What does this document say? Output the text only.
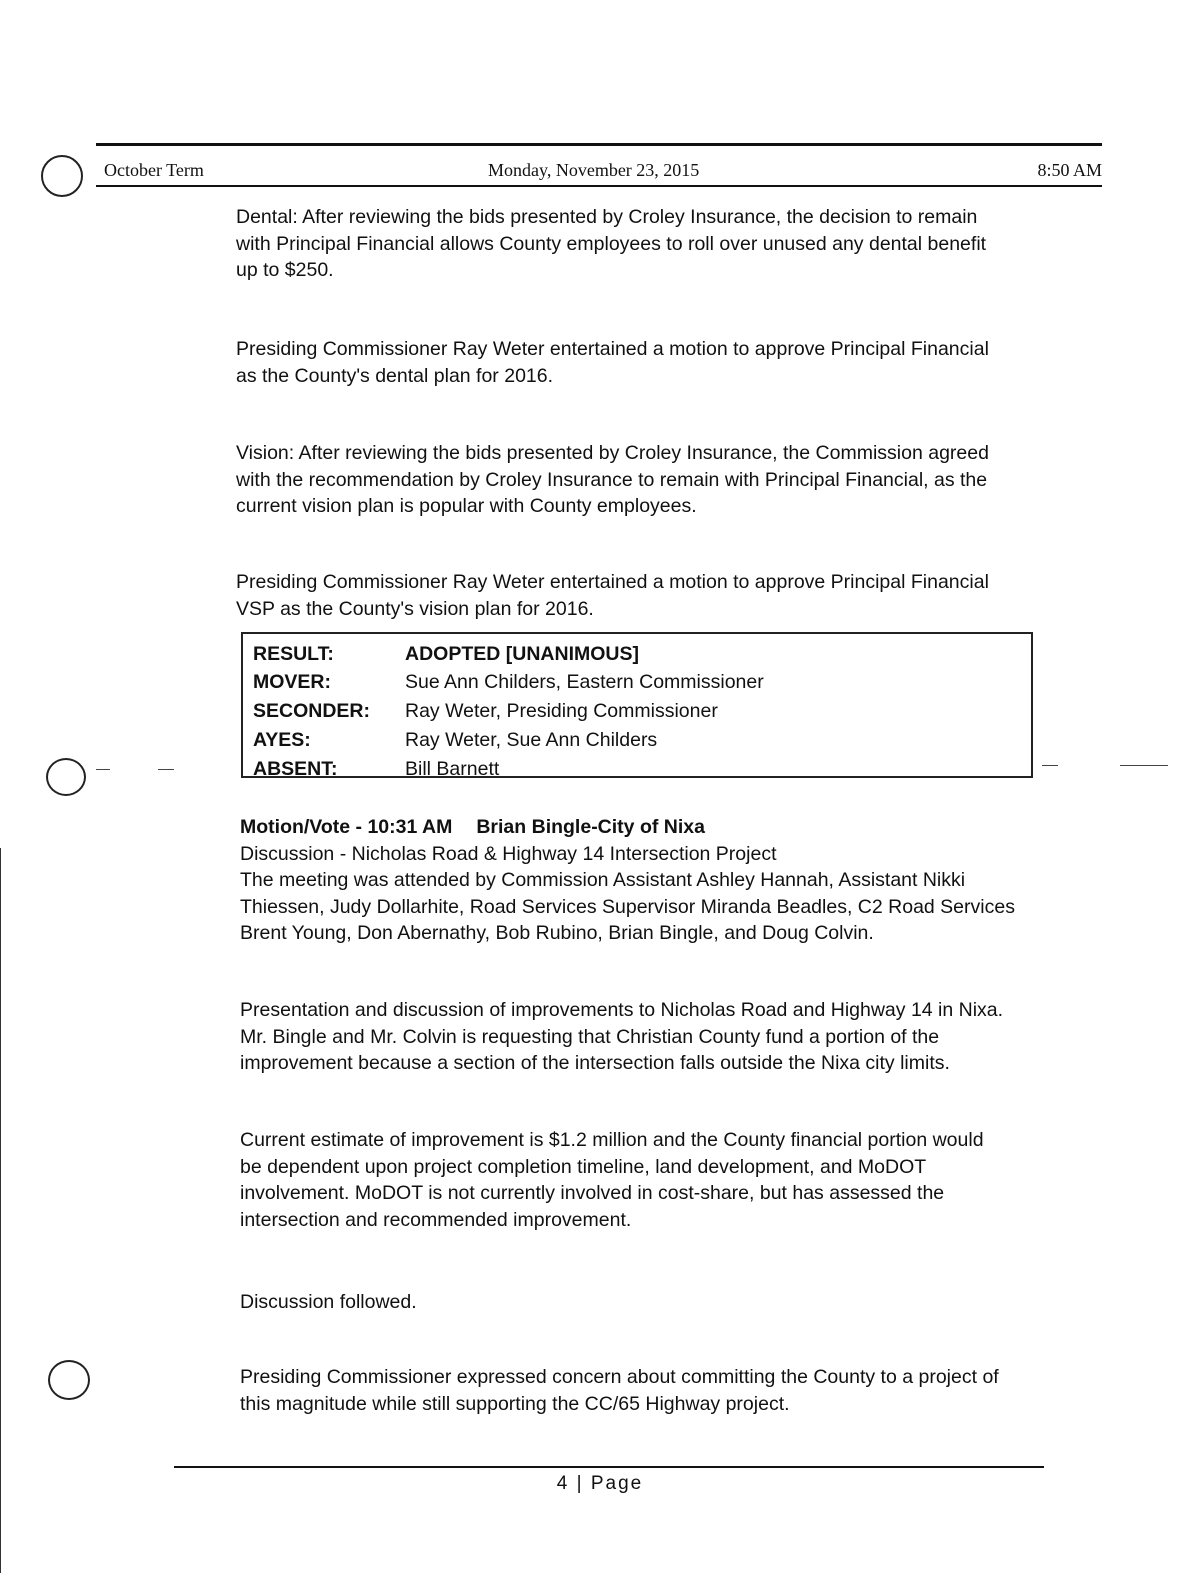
October Term	Monday, November 23, 2015	8:50 AM
Dental: After reviewing the bids presented by Croley Insurance, the decision to remain
with Principal Financial allows County employees to roll over unused any dental benefit
up to $250.
Presiding Commissioner Ray Weter entertained a motion to approve Principal Financial
as the County's dental plan for 2016.
Vision: After reviewing the bids presented by Croley Insurance, the Commission agreed
with the recommendation by Croley Insurance to remain with Principal Financial, as the
current vision plan is popular with County employees.
Presiding Commissioner Ray Weter entertained a motion to approve Principal Financial
VSP as the County's vision plan for 2016.
RESULT:	ADOPTED [UNANIMOUS]
MOVER:	Sue Ann Childers, Eastern Commissioner
SECONDER: Ray Weter, Presiding Commissioner
AYES:	Ray Weter, Sue Ann Childers
ABSENT:	Bill Barnett
Motion/Vote - 10:31 AM Brian Bingle-City of Nixa
Discussion - Nicholas Road & Highway 14 Intersection Project
The meeting was attended by Commission Assistant Ashley Hannah, Assistant Nikki
Thiessen, Judy Dollarhite, Road Services Supervisor Miranda Beadles, C2 Road Services
Brent Young, Don Abernathy, Bob Rubino, Brian Bingle, and Doug Colvin.
Presentation and discussion of improvements to Nicholas Road and Highway 14 in Nixa.
Mr. Bingle and Mr. Colvin is requesting that Christian County fund a portion of the
improvement because a section of the intersection falls outside the Nixa city limits.
Current estimate of improvement is $1.2 million and the County financial portion would
be dependent upon project completion timeline, land development, and MoDOT
involvement. MoDOT is not currently involved in cost-share, but has assessed the
intersection and recommended improvement.
Discussion followed.
Presiding Commissioner expressed concern about committing the County to a project of
this magnitude while still supporting the CC/65 Highway project.
4 | Page
